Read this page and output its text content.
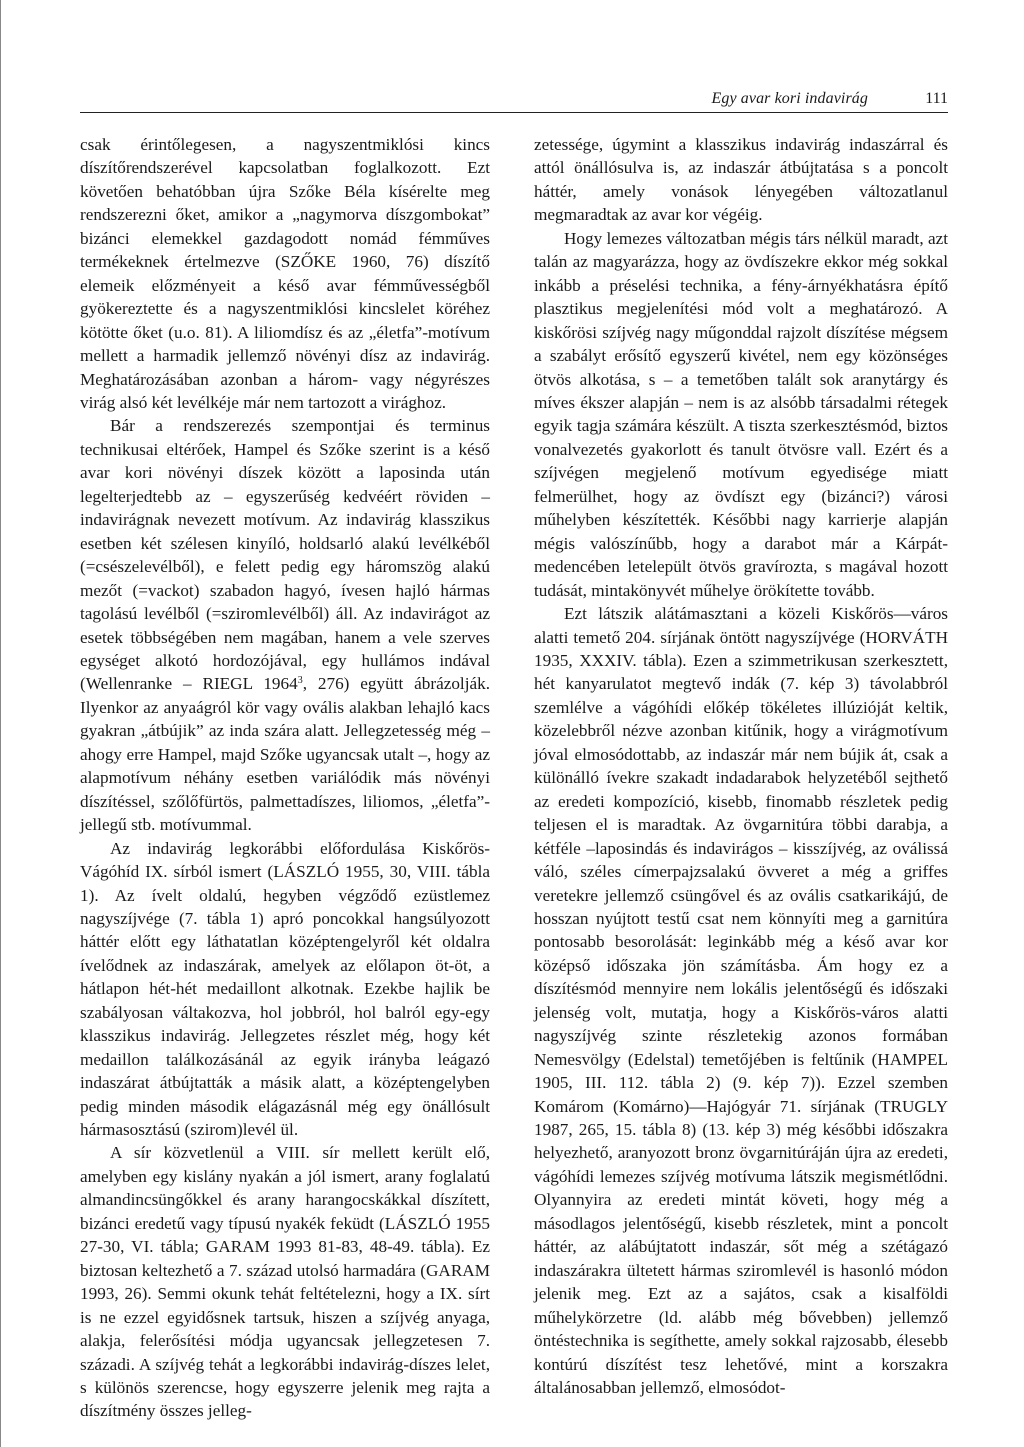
Egy avar kori indavirág	111

csak érintőlegesen, a nagyszentmiklósi kincs díszítőrendszerével kapcsolatban foglalkozott. Ezt követően behatóbban újra Szőke Béla kísérelte meg rendszerezni őket, amikor a „nagymorva díszgombokat” bizánci elemekkel gazdagodott nomád fémműves termékeknek értelmezve (SZŐKE 1960, 76) díszítő elemeik előzményeit a késő avar fémművességből gyökereztette és a nagyszentmiklósi kincslelet köréhez kötötte őket (u.o. 81). A liliomdísz és az „életfa”-motívum mellett a harmadik jellemző növényi dísz az indavirág. Meghatározásában azonban a három- vagy négyrészes virág alsó két levélkéje már nem tartozott a virághoz.

Bár a rendszerezés szempontjai és terminus technikusai eltérőek, Hampel és Szőke szerint is a késő avar kori növényi díszek között a laposinda után legelterjedtebb az – egyszerűség kedvéért röviden – indavirágnak nevezett motívum. Az indavirág klasszikus esetben két szélesen kinyíló, holdsarló alakú levélkéből (=csészelevélből), e felett pedig egy háromszög alakú mezőt (=vackot) szabadon hagyó, ívesen hajló hármas tagolású levélből (=sziromlevélből) áll. Az indavirágot az esetek többségében nem magában, hanem a vele szerves egységet alkotó hordozójával, egy hullámos indával (Wellenranke – RIEGL 1964$^3$, 276) együtt ábrázolják. Ilyenkor az anyaágról kör vagy ovális alakban lehajló kacs gyakran „átbújik” az inda szára alatt. Jellegzetesség még – ahogy erre Hampel, majd Szőke ugyancsak utalt –, hogy az alapmotívum néhány esetben variálódik más növényi díszítéssel, szőlőfürtös, palmettadíszes, liliomos, „életfa”-jellegű stb. motívummal.

Az indavirág legkorábbi előfordulása Kiskőrös-Vágóhíd IX. sírból ismert (LÁSZLÓ 1955, 30, VIII. tábla 1). Az ívelt oldalú, hegyben végződő ezüstlemez nagyszíjvége (7. tábla 1) apró poncokkal hangsúlyozott háttér előtt egy láthatatlan középtengelyről két oldalra ívelődnek az indaszárak, amelyek az előlapon öt-öt, a hátlapon hét-hét medaillont alkotnak. Ezekbe hajlik be szabályosan váltakozva, hol jobbról, hol balról egy-egy klasszikus indavirág. Jellegzetes részlet még, hogy két medaillon találkozásánál az egyik irányba leágazó indaszárat átbújtatták a másik alatt, a középtengelyben pedig minden második elágazásnál még egy önállósult hármasosztású (szirom)levél ül.

A sír közvetlenül a VIII. sír mellett került elő, amelyben egy kislány nyakán a jól ismert, arany foglalatú almandincsüngőkkel és arany harangocskákkal díszített, bizánci eredetű vagy típusú nyakék feküdt (LÁSZLÓ 1955 27-30, VI. tábla; GARAM 1993 81-83, 48-49. tábla). Ez biztosan keltezhető a 7. század utolsó harmadára (GARAM 1993, 26). Semmi okunk tehát feltételezni, hogy a IX. sírt is ne ezzel egyidősnek tartsuk, hiszen a szíjvég anyaga, alakja, felerősítési módja ugyancsak jellegzetesen 7. századi. A szíjvég tehát a legkorábbi indavirág-díszes lelet, s különös szerencse, hogy egyszerre jelenik meg rajta a díszítmény összes jelleg-

zetessége, úgymint a klasszikus indavirág indaszárral és attól önállósulva is, az indaszár átbújtatása s a poncolt háttér, amely vonások lényegében változatlanul megmaradtak az avar kor végéig.

Hogy lemezes változatban mégis társ nélkül maradt, azt talán az magyarázza, hogy az övdíszekre ekkor még sokkal inkább a préselési technika, a fény-árnyékhatásra építő plasztikus megjelenítési mód volt a meghatározó. A kiskőrösi szíjvég nagy műgonddal rajzolt díszítése mégsem a szabályt erősítő egyszerű kivétel, nem egy közönséges ötvös alkotása, s – a temetőben talált sok aranytárgy és míves ékszer alapján – nem is az alsóbb társadalmi rétegek egyik tagja számára készült. A tiszta szerkesztésmód, biztos vonalvezetés gyakorlott és tanult ötvösre vall. Ezért és a szíjvégen megjelenő motívum egyedisége miatt felmerülhet, hogy az övdíszt egy (bizánci?) városi műhelyben készítették. Későbbi nagy karrierje alapján mégis valószínűbb, hogy a darabot már a Kárpát-medencében letelepült ötvös gravírozta, s magával hozott tudását, mintakönyvét műhelye örökítette tovább.

Ezt látszik alátámasztani a közeli Kiskőrös—város alatti temető 204. sírjának öntött nagyszíjvége (HORVÁTH 1935, XXXIV. tábla). Ezen a szimmetrikusan szerkesztett, hét kanyarulatot megtevő indák (7. kép 3) távolabbról szemlélve a vágóhídi előkép tökéletes illúzióját keltik, közelebbről nézve azonban kitűnik, hogy a virágmotívum jóval elmosódottabb, az indaszár már nem bújik át, csak a különálló ívekre szakadt indadarabok helyzetéből sejthető az eredeti kompozíció, kisebb, finomabb részletek pedig teljesen el is maradtak. Az övgarnitúra többi darabja, a kétféle –laposindás és indavirágos – kisszíjvég, az oválissá váló, széles címerpajzsalakú övveret a még a griffes veretekre jellemző csüngővel és az ovális csatkarikájú, de hosszan nyújtott testű csat nem könnyíti meg a garnitúra pontosabb besorolását: leginkább még a késő avar kor középső időszaka jön számításba. Ám hogy ez a díszítésmód mennyire nem lokális jelentőségű és időszaki jelenség volt, mutatja, hogy a Kiskőrös-város alatti nagyszíjvég szinte részletekig azonos formában Nemesvölgy (Edelstal) temetőjében is feltűnik (HAMPEL 1905, III. 112. tábla 2) (9. kép 7)). Ezzel szemben Komárom (Komárno)—Hajógyár 71. sírjának (TRUGLY 1987, 265, 15. tábla 8) (13. kép 3) még későbbi időszakra helyezhető, aranyozott bronz övgarnitúráján újra az eredeti, vágóhídi lemezes szíjvég motívuma látszik megismétlődni. Olyannyira az eredeti mintát követi, hogy még a másodlagos jelentőségű, kisebb részletek, mint a poncolt háttér, az alábújtatott indaszár, sőt még a szétágazó indaszárakra ültetett hármas sziromlevél is hasonló módon jelenik meg. Ezt az a sajátos, csak a kisalföldi műhelykörzetre (ld. alább még bővebben) jellemző öntéstechnika is segíthette, amely sokkal rajzosabb, élesebb kontúrú díszítést tesz lehetővé, mint a korszakra általánosabban jellemző, elmosódot-
